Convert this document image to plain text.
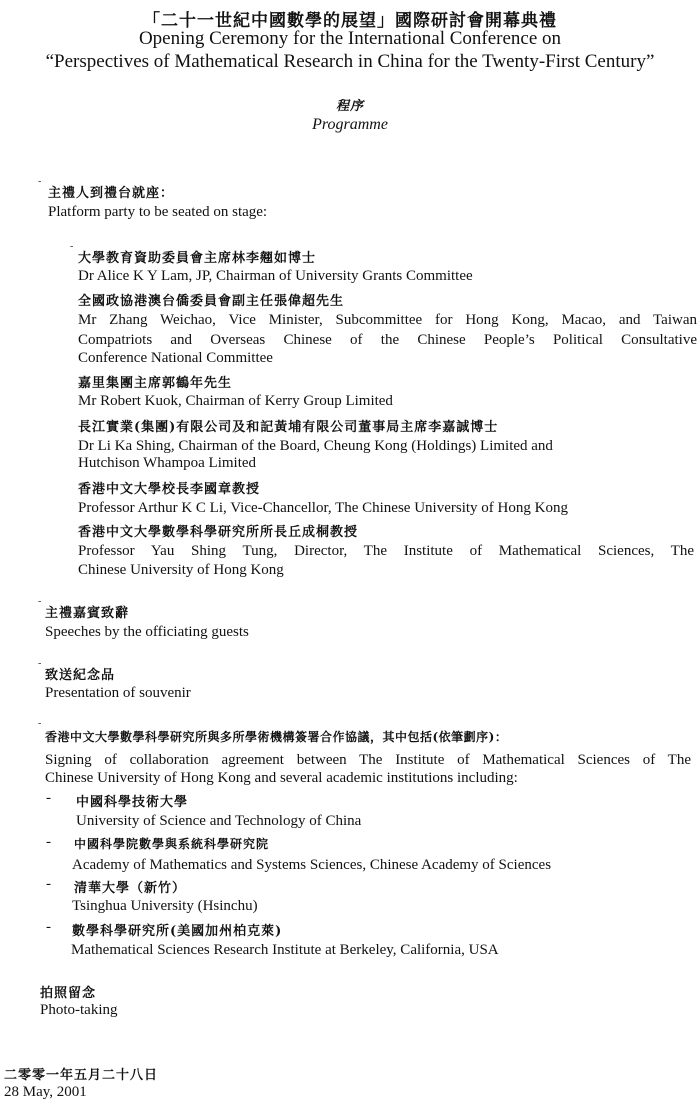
「二十一世紀中國數學的展望」國際研討會開幕典禮
Opening Ceremony for the International Conference on
“Perspectives of Mathematical Research in China for the Twenty-First Century”
程序
Programme
-
主禮人到禮台就座：
Platform party to be seated on stage:
-
大學教育資助委員會主席林李翹如博士
Dr Alice K Y Lam, JP, Chairman of University Grants Committee
全國政協港澳台僑委員會副主任張偉超先生
Mr Zhang Weichao, Vice Minister, Subcommittee for Hong Kong, Macao, and Taiwan
Compatriots and Overseas Chinese of the Chinese People’s Political Consultative
Conference National Committee
嘉里集團主席郭鶴年先生
Mr Robert Kuok, Chairman of Kerry Group Limited
長江實業(集團)有限公司及和記黃埔有限公司董事局主席李嘉誠博士
Dr Li Ka Shing, Chairman of the Board, Cheung Kong (Holdings) Limited and
Hutchison Whampoa Limited
香港中文大學校長李國章教授
Professor Arthur K C Li, Vice-Chancellor, The Chinese University of Hong Kong
香港中文大學數學科學研究所所長丘成桐教授
Professor Yau Shing Tung, Director, The Institute of Mathematical Sciences, The
Chinese University of Hong Kong
-
主禮嘉賓致辭
Speeches by the officiating guests
-
致送紀念品
Presentation of souvenir
-
香港中文大學數學科學研究所與多所學術機構簽署合作協議，其中包括(依筆劃序)：
Signing of collaboration agreement between The Institute of Mathematical Sciences of The
Chinese University of Hong Kong and several academic institutions including:
- 中國科學技術大學
University of Science and Technology of China
- 中國科學院數學與系統科學研究院
Academy of Mathematics and Systems Sciences, Chinese Academy of Sciences
- 清華大學（新竹）
Tsinghua University (Hsinchu)
- 數學科學研究所(美國加州柏克萊)
Mathematical Sciences Research Institute at Berkeley, California, USA
拍照留念
Photo-taking
二零零一年五月二十八日
28 May, 2001
